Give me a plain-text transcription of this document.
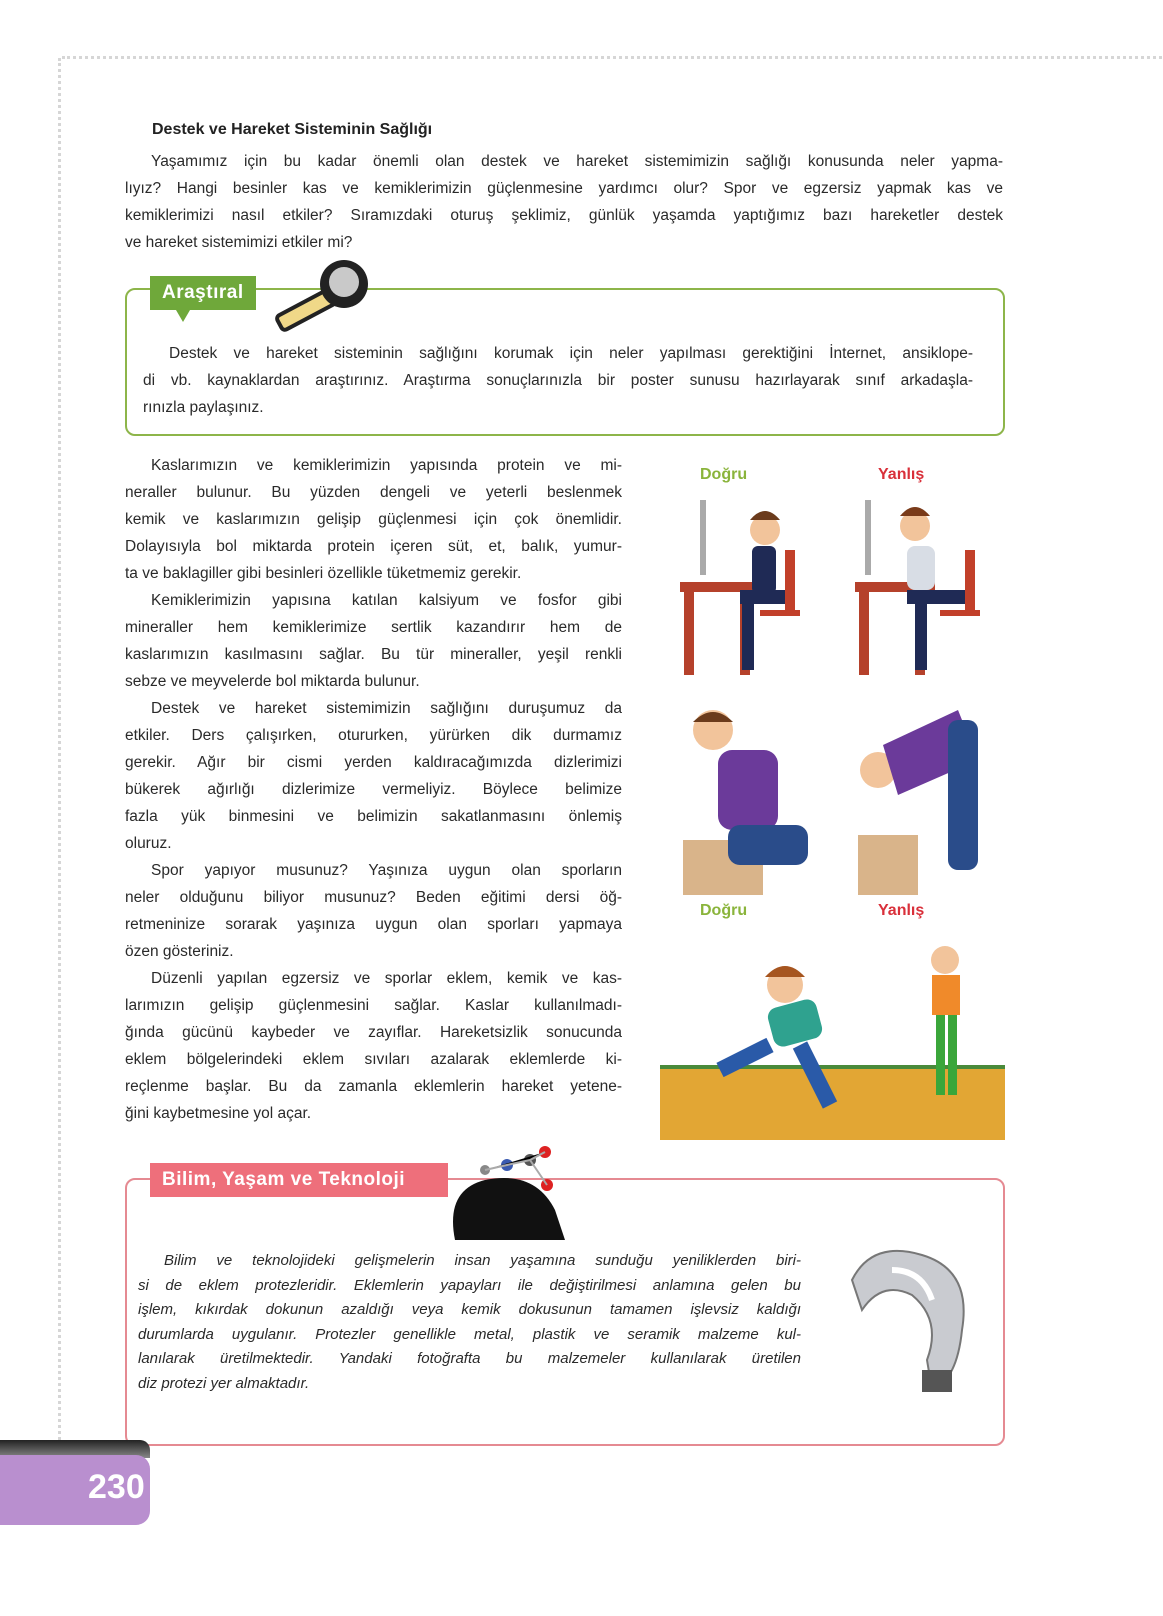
Destek ve Hareket Sisteminin Sağlığı
Yaşamımız için bu kadar önemli olan destek ve hareket sistemimizin sağlığı konusunda neler yapma-
lıyız? Hangi besinler kas ve kemiklerimizin güçlenmesine yardımcı olur? Spor ve egzersiz yapmak kas ve
kemiklerimizi nasıl etkiler? Sıramızdaki oturuş şeklimiz, günlük yaşamda yaptığımız bazı hareketler destek
ve hareket sistemimizi etkiler mi?
Araştıral
Destek ve hareket sisteminin sağlığını korumak için neler yapılması gerektiğini İnternet, ansiklope-
di vb. kaynaklardan araştırınız. Araştırma sonuçlarınızla bir poster sunusu hazırlayarak sınıf arkadaşla-
rınızla paylaşınız.
Kaslarımızın ve kemiklerimizin yapısında protein ve mi-
neraller bulunur. Bu yüzden dengeli ve yeterli beslenmek
kemik ve kaslarımızın gelişip güçlenmesi için çok önemlidir.
Dolayısıyla bol miktarda protein içeren süt, et, balık, yumur-
ta ve baklagiller gibi besinleri özellikle tüketmemiz gerekir.
Kemiklerimizin yapısına katılan kalsiyum ve fosfor gibi
mineraller hem kemiklerimize sertlik kazandırır hem de
kaslarımızın kasılmasını sağlar. Bu tür mineraller, yeşil renkli
sebze ve meyvelerde bol miktarda bulunur.
Destek ve hareket sistemimizin sağlığını duruşumuz da
etkiler. Ders çalışırken, otururken, yürürken dik durmamız
gerekir. Ağır bir cismi yerden kaldıracağımızda dizlerimizi
bükerek ağırlığı dizlerimize vermeliyiz. Böylece belimize
fazla yük binmesini ve belimizin sakatlanmasını önlemiş
oluruz.
Spor yapıyor musunuz? Yaşınıza uygun olan sporların
neler olduğunu biliyor musunuz? Beden eğitimi dersi öğ-
retmeninize sorarak yaşınıza uygun olan sporları yapmaya
özen gösteriniz.
Düzenli yapılan egzersiz ve sporlar eklem, kemik ve kas-
larımızın gelişip güçlenmesini sağlar. Kaslar kullanılmadı-
ğında gücünü kaybeder ve zayıflar. Hareketsizlik sonucunda
eklem bölgelerindeki eklem sıvıları azalarak eklemlerde ki-
reçlenme başlar. Bu da zamanla eklemlerin hareket yetene-
ğini kaybetmesine yol açar.
Doğru	Yanlış
Doğru	Yanlış
Bilim, Yaşam ve Teknoloji
Bilim ve teknolojideki gelişmelerin insan yaşamına sunduğu yeniliklerden biri-
si de eklem protezleridir. Eklemlerin yapayları ile değiştirilmesi anlamına gelen bu
işlem, kıkırdak dokunun azaldığı veya kemik dokusunun tamamen işlevsiz kaldığı
durumlarda uygulanır. Protezler genellikle metal, plastik ve seramik malzeme kul-
lanılarak üretilmektedir. Yandaki fotoğrafta bu malzemeler kullanılarak üretilen
diz protezi yer almaktadır.
230
